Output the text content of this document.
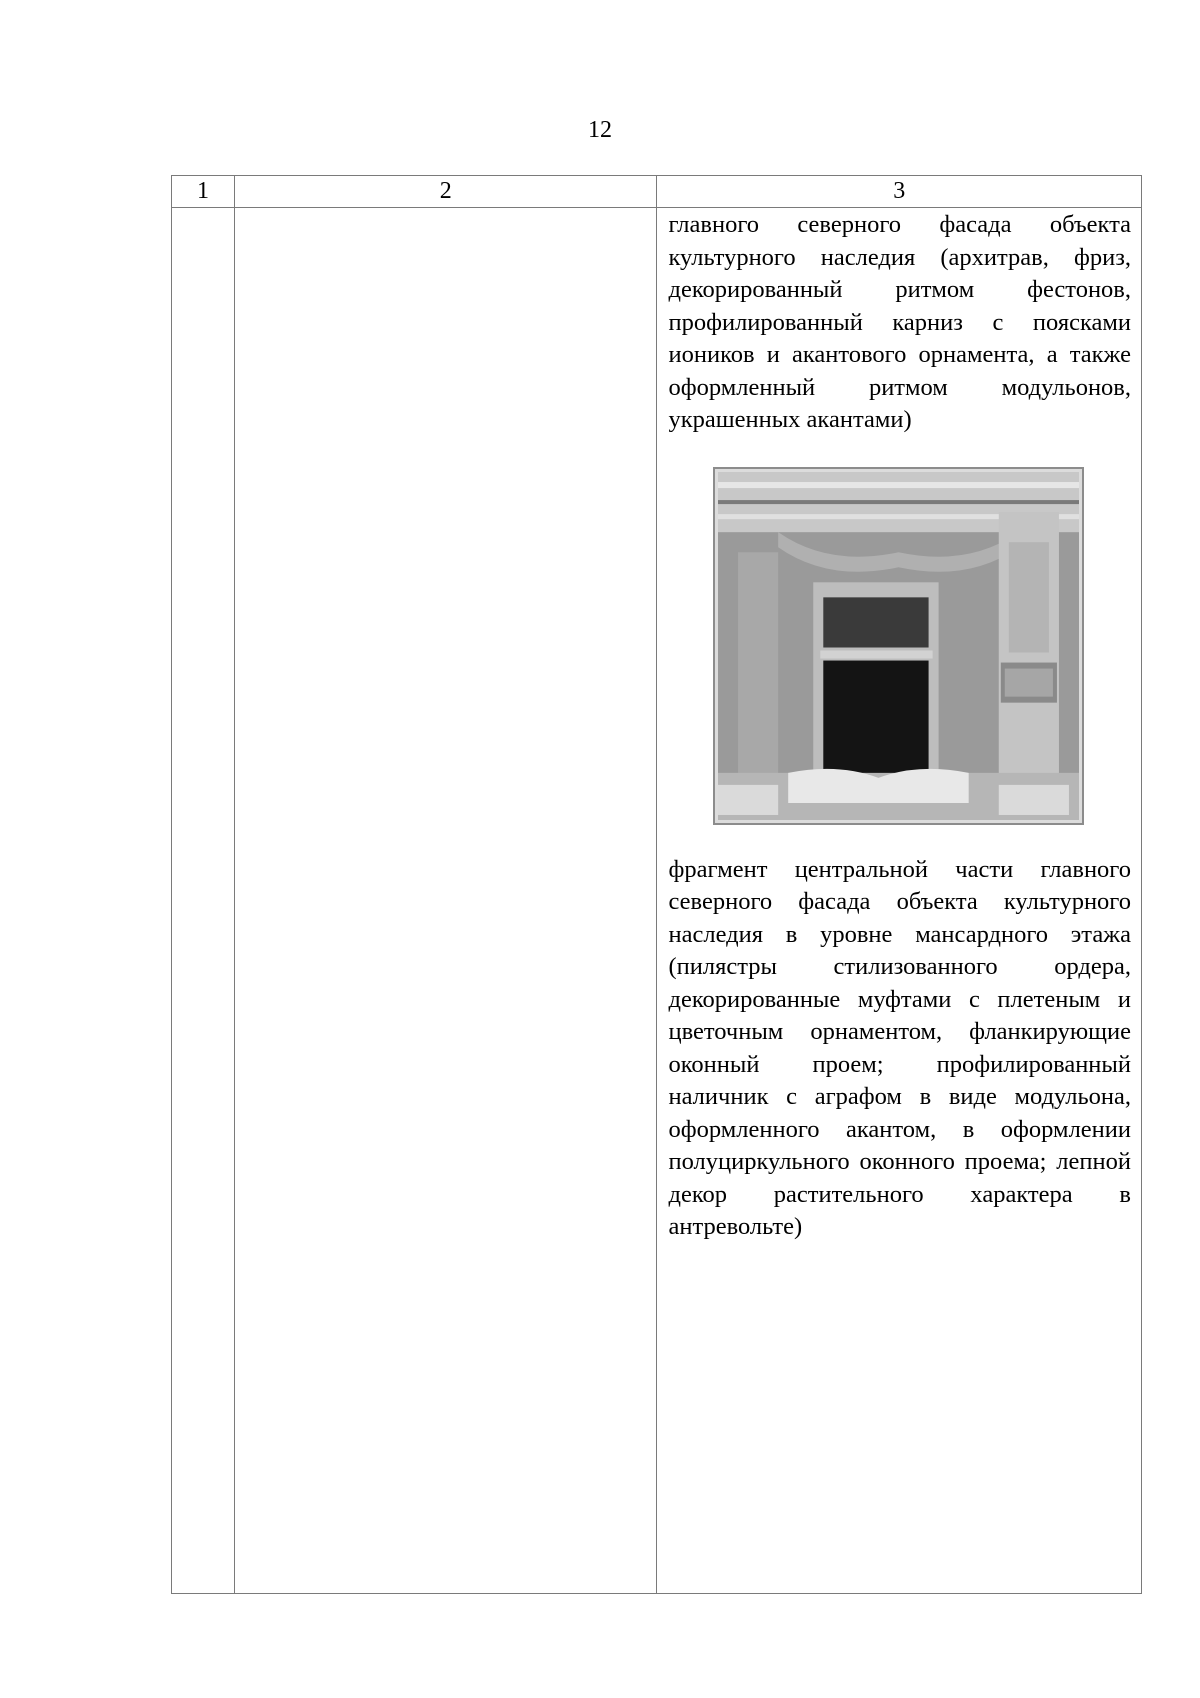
12
1	2	3

		главного северного фасада объекта культурного наследия (архитрав, фриз, декорированный ритмом фестонов, профилированный карниз с поясками иоников и акантового орнамента, а также оформленный ритмом модульонов, украшенных акантами)
фрагмент центральной части главного северного фасада объекта культурного наследия в уровне мансардного этажа (пилястры стилизованного ордера, декорированные муфтами с плетеным и цветочным орнаментом, фланкирующие оконный проем; профилированный наличник с аграфом в виде модульона, оформленного акантом, в оформлении полуциркульного оконного проема; лепной декор растительного характера в антревольте)
